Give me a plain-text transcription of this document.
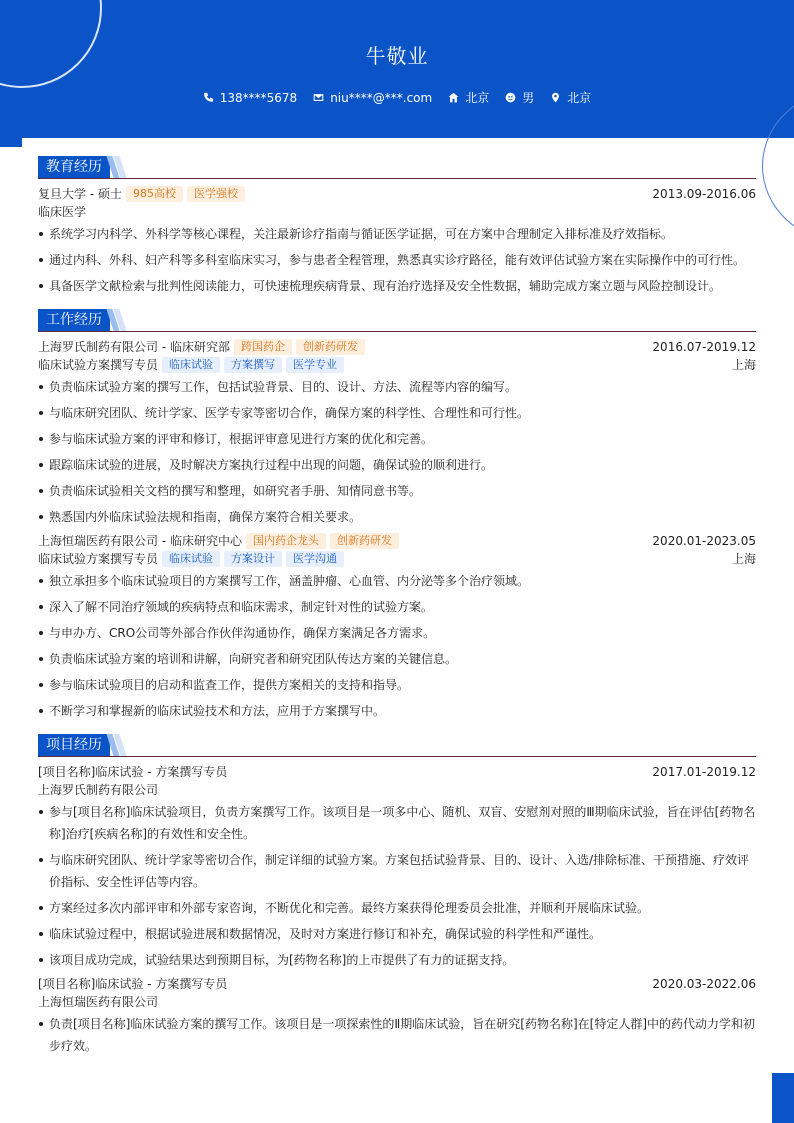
牛敬业
138****5678	niu****@***.com	北京	男	北京
教育经历
复旦大学 - 硕士	985高校	医学强校	2013.09-2016.06
临床医学
系统学习内科学、外科学等核心课程，关注最新诊疗指南与循证医学证据，可在方案中合理制定入排标准及疗效指标。
通过内科、外科、妇产科等多科室临床实习，参与患者全程管理，熟悉真实诊疗路径，能有效评估试验方案在实际操作中的可行性。
具备医学文献检索与批判性阅读能力，可快速梳理疾病背景、现有治疗选择及安全性数据，辅助完成方案立题与风险控制设计。
工作经历
上海罗氏制药有限公司 - 临床研究部	跨国药企	创新药研发	2016.07-2019.12
临床试验方案撰写专员	临床试验	方案撰写	医学专业	上海
负责临床试验方案的撰写工作，包括试验背景、目的、设计、方法、流程等内容的编写。
与临床研究团队、统计学家、医学专家等密切合作，确保方案的科学性、合理性和可行性。
参与临床试验方案的评审和修订，根据评审意见进行方案的优化和完善。
跟踪临床试验的进展，及时解决方案执行过程中出现的问题，确保试验的顺利进行。
负责临床试验相关文档的撰写和整理，如研究者手册、知情同意书等。
熟悉国内外临床试验法规和指南，确保方案符合相关要求。
上海恒瑞医药有限公司 - 临床研究中心	国内药企龙头	创新药研发	2020.01-2023.05
临床试验方案撰写专员	临床试验	方案设计	医学沟通	上海
独立承担多个临床试验项目的方案撰写工作，涵盖肿瘤、心血管、内分泌等多个治疗领域。
深入了解不同治疗领域的疾病特点和临床需求，制定针对性的试验方案。
与申办方、CRO公司等外部合作伙伴沟通协作，确保方案满足各方需求。
负责临床试验方案的培训和讲解，向研究者和研究团队传达方案的关键信息。
参与临床试验项目的启动和监查工作，提供方案相关的支持和指导。
不断学习和掌握新的临床试验技术和方法，应用于方案撰写中。
项目经历
[项目名称]临床试验 - 方案撰写专员	2017.01-2019.12
上海罗氏制药有限公司
参与[项目名称]临床试验项目，负责方案撰写工作。该项目是一项多中心、随机、双盲、安慰剂对照的Ⅲ期临床试验，旨在评估[药物名称]治疗[疾病名称]的有效性和安全性。
与临床研究团队、统计学家等密切合作，制定详细的试验方案。方案包括试验背景、目的、设计、入选/排除标准、干预措施、疗效评价指标、安全性评估等内容。
方案经过多次内部评审和外部专家咨询，不断优化和完善。最终方案获得伦理委员会批准，并顺利开展临床试验。
临床试验过程中，根据试验进展和数据情况，及时对方案进行修订和补充，确保试验的科学性和严谨性。
该项目成功完成，试验结果达到预期目标，为[药物名称]的上市提供了有力的证据支持。
[项目名称]临床试验 - 方案撰写专员	2020.03-2022.06
上海恒瑞医药有限公司
负责[项目名称]临床试验方案的撰写工作。该项目是一项探索性的Ⅱ期临床试验，旨在研究[药物名称]在[特定人群]中的药代动力学和初步疗效。
